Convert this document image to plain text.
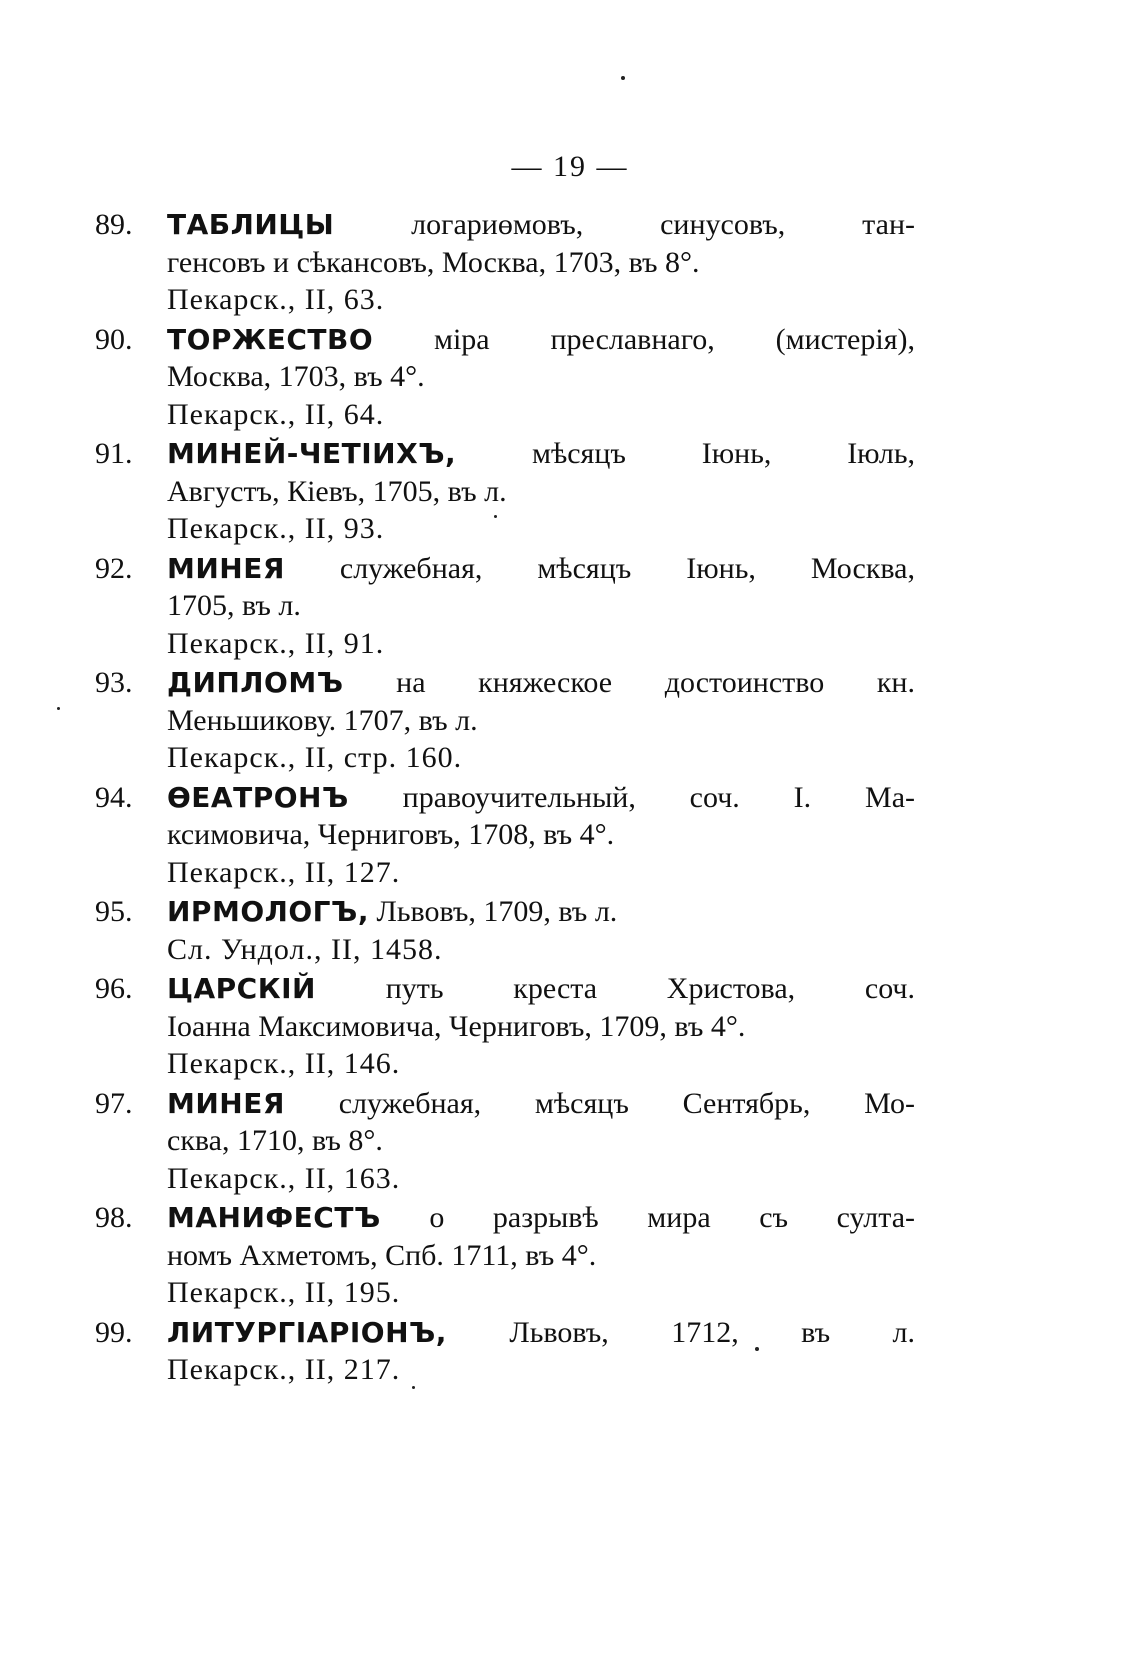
— 19 —
89.	ТАБЛИЦЫ	логариөмовъ, синусовъ, тан-
генсовъ и сѣкансовъ, Москва, 1703, въ 8°.
Пекарск., II, 63.
90.	ТОРЖЕСТВО міра преславнаго, (мистерія),
Москва, 1703, въ 4°.
Пекарск., II, 64.
91.	МИНЕЙ-ЧЕТІИХЪ,	мѣсяцъ Іюнь, Іюль,
Августъ, Кіевъ, 1705, въ л.
Пекарск., II, 93.
92.	МИНЕЯ служебная, мѣсяцъ Іюнь, Москва,
1705, въ л.
Пекарск., II, 91.
93.	ДИПЛОМЪ на княжеское достоинство кн.
Меньшикову. 1707, въ л.
Пекарск., II, стр. 160.
94.	ѲЕАТРОНЪ правоучительный, соч. І. Ма-
ксимовича, Черниговъ, 1708, въ 4°.
Пекарск., II, 127.
95.	ИРМОЛОГЪ, Львовъ, 1709, въ л.
Сл. Ундол., II, 1458.
96.	ЦАРСКІЙ путь креста Христова, соч.
Іоанна Максимовича, Черниговъ, 1709, въ 4°.
Пекарск., II, 146.
97.	МИНЕЯ служебная, мѣсяцъ Сентябрь, Мо-
сква, 1710, въ 8°.
Пекарск., II, 163.
98.	МАНИФЕСТЪ о разрывѣ мира съ султа-
номъ Ахметомъ, Спб. 1711, въ 4°.
Пекарск., II, 195.
99.	ЛИТУРГІАРІОНЪ, Львовъ, 1712, въ л.
Пекарск., II, 217.
